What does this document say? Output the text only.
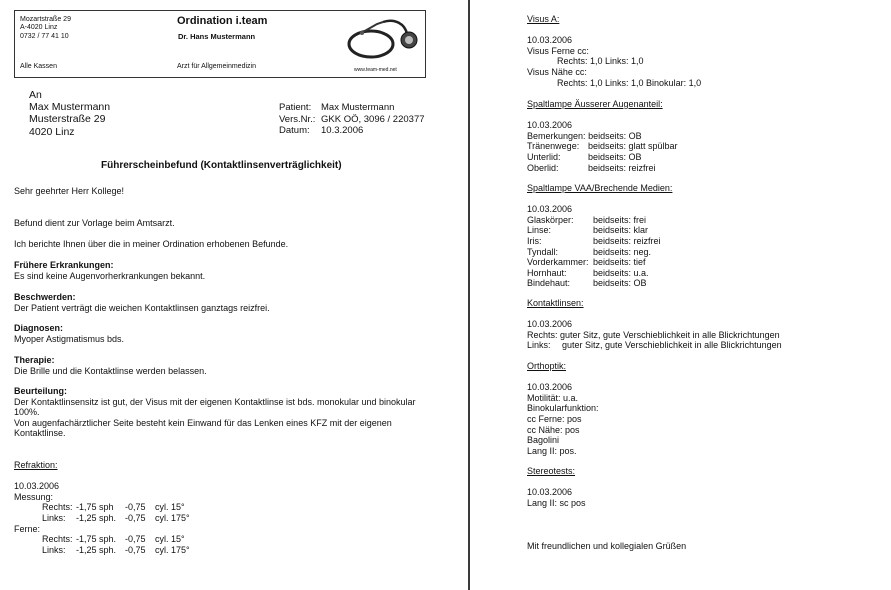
Mozartstraße 29
A-4020 Linz
0732 / 77 41 10
Alle Kassen
Ordination i.team
Dr. Hans Mustermann
Arzt für Allgemeinmedizin	www.team-med.net
An
Max Mustermann
Musterstraße 29
4020 Linz
Patient:	Max Mustermann
Vers.Nr.: GKK OÖ, 3096 / 220377
Datum:	10.3.2006
Führerscheinbefund (Kontaktlinsenverträglichkeit)
Sehr geehrter Herr Kollege!
Befund dient zur Vorlage beim Amtsarzt.
Ich berichte Ihnen über die in meiner Ordination erhobenen Befunde.
Frühere Erkrankungen:
Es sind keine Augenvorherkrankungen bekannt.
Beschwerden:
Der Patient verträgt die weichen Kontaktlinsen ganztags reizfrei.
Diagnosen:
Myoper Astigmatismus bds.
Therapie:
Die Brille und die Kontaktlinse werden belassen.
Beurteilung:
Der Kontaktlinsensitz ist gut, der Visus mit der eigenen Kontaktlinse ist bds. monokular und binokular 100%.
Von augenfachärztlicher Seite besteht kein Einwand für das Lenken eines KFZ mit der eigenen Kontaktlinse.
Refraktion:
10.03.2006
Messung:
Rechts: -1,75 sph	-0,75	cyl. 15°
Links:	-1,25 sph. -0,75	cyl. 175°
Ferne:
Rechts: -1,75 sph. -0,75	cyl. 15°
Links:	-1,25 sph. -0,75	cyl. 175°
Visus A:
10.03.2006
Visus Ferne cc:
Rechts: 1,0 Links: 1,0
Visus Nähe cc:
Rechts: 1,0 Links: 1,0 Binokular: 1,0
Spaltlampe Äusserer Augenanteil:
10.03.2006
Bemerkungen:
beidseits: OB
Tränenwege: beidseits: glatt spülbar
Unterlid:	beidseits: OB
Oberlid:	beidseits: reizfrei
Spaltlampe VAA/Brechende Medien:
10.03.2006
Glaskörper:	beidseits: frei
Linse:	beidseits: klar
Iris:	beidseits: reizfrei
Tyndall:	beidseits: neg.
Vorderkammer: beidseits: tief
Hornhaut:	beidseits: u.a.
Bindehaut:	beidseits: OB
Kontaktlinsen:
10.03.2006
Rechts:
guter Sitz, gute Verschieblichkeit in alle Blickrichtungen
Links:	guter Sitz, gute Verschieblichkeit in alle Blickrichtungen
Orthoptik:
10.03.2006
Motilität: u.a.
Binokularfunktion:
cc Ferne: pos
cc Nähe: pos
Bagolini
Lang II: pos.
Stereotests:
10.03.2006
Lang II: sc pos
Mit freundlichen und kollegialen Grüßen
